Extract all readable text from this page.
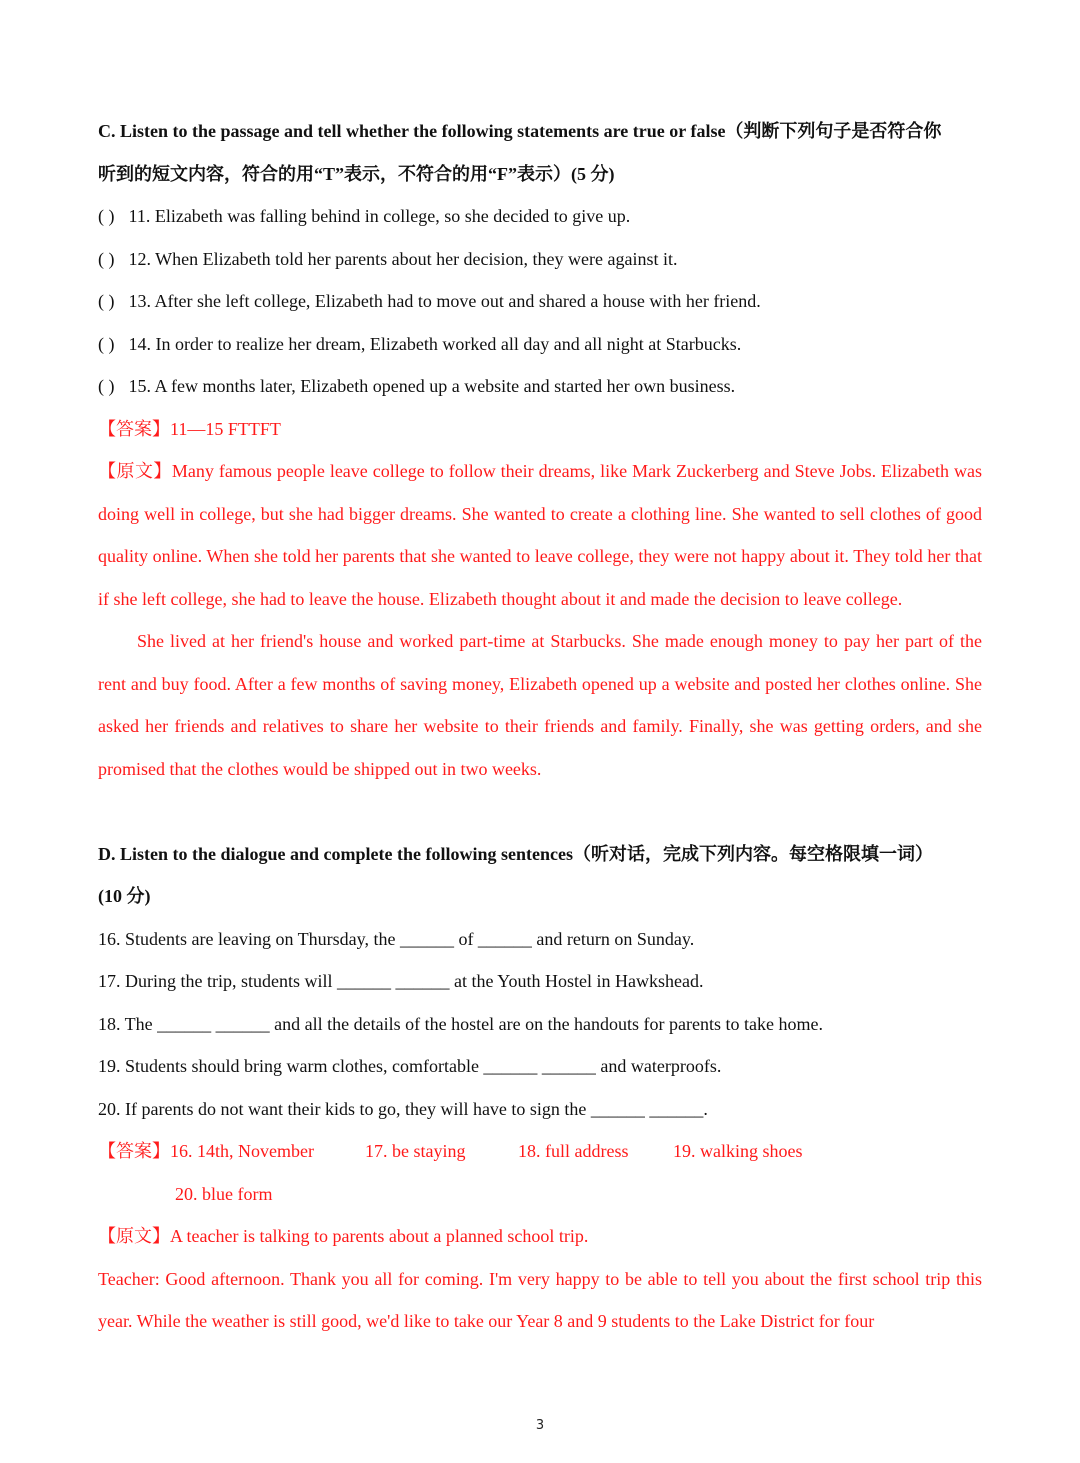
C. Listen to the passage and tell whether the following statements are true or false（判断下列句子是否符合你
听到的短文内容，符合的用“T”表示，不符合的用“F”表示）(5 分)
( ) 11. Elizabeth was falling behind in college, so she decided to give up.
( ) 12. When Elizabeth told her parents about her decision, they were against it.
( ) 13. After she left college, Elizabeth had to move out and shared a house with her friend.
( ) 14. In order to realize her dream, Elizabeth worked all day and all night at Starbucks.
( ) 15. A few months later, Elizabeth opened up a website and started her own business.
【答案】11—15 FTTFT
【原文】Many famous people leave college to follow their dreams, like Mark Zuckerberg and Steve Jobs. Elizabeth was doing well in college, but she had bigger dreams. She wanted to create a clothing line. She wanted to sell clothes of good quality online. When she told her parents that she wanted to leave college, they were not happy about it. They told her that if she left college, she had to leave the house. Elizabeth thought about it and made the decision to leave college.
She lived at her friend's house and worked part-time at Starbucks. She made enough money to pay her part of the rent and buy food. After a few months of saving money, Elizabeth opened up a website and posted her clothes online. She asked her friends and relatives to share her website to their friends and family. Finally, she was getting orders, and she promised that the clothes would be shipped out in two weeks.
D. Listen to the dialogue and complete the following sentences（听对话，完成下列内容。每空格限填一词）
(10 分)
16. Students are leaving on Thursday, the ______ of ______ and return on Sunday.
17. During the trip, students will ______ ______ at the Youth Hostel in Hawkshead.
18. The ______ ______ and all the details of the hostel are on the handouts for parents to take home.
19. Students should bring warm clothes, comfortable ______ ______ and waterproofs.
20. If parents do not want their kids to go, they will have to sign the ______ ______.
【答案】16. 14th, November	17. be staying	18. full address 19. walking shoes
20. blue form
【原文】A teacher is talking to parents about a planned school trip.
Teacher: Good afternoon. Thank you all for coming. I'm very happy to be able to tell you about the first school trip this year. While the weather is still good, we'd like to take our Year 8 and 9 students to the Lake District for four
3
